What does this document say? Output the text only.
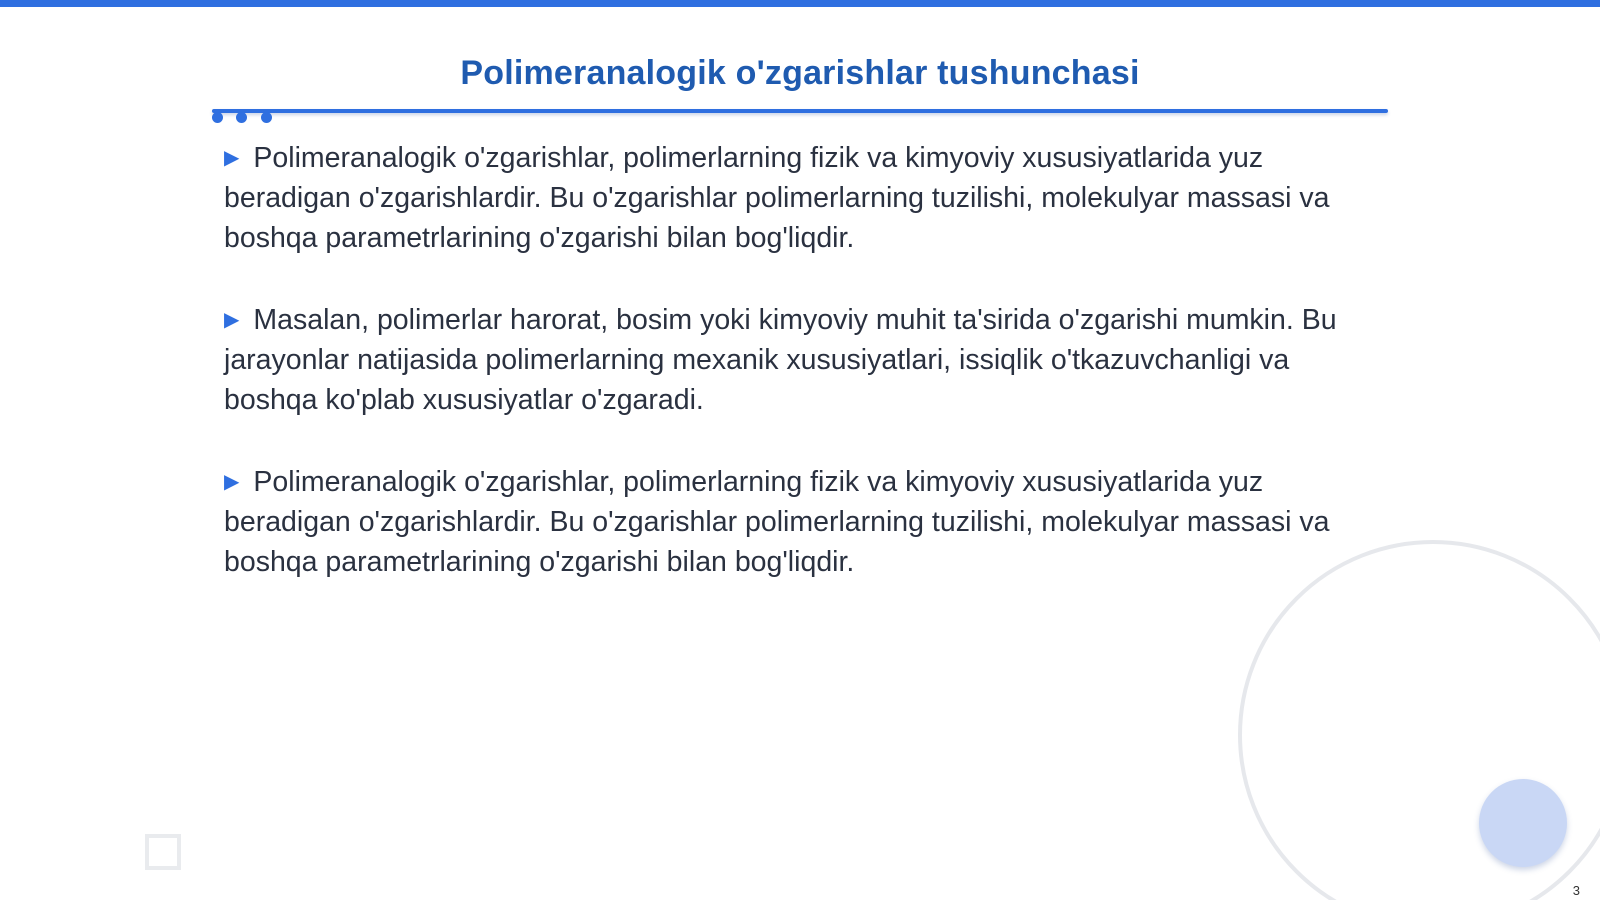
Polimeranalogik o'zgarishlar tushunchasi

▶ Polimeranalogik o'zgarishlar, polimerlarning fizik va kimyoviy xususiyatlarida yuz beradigan o'zgarishlardir. Bu o'zgarishlar polimerlarning tuzilishi, molekulyar massasi va boshqa parametrlarining o'zgarishi bilan bog'liqdir.

▶ Masalan, polimerlar harorat, bosim yoki kimyoviy muhit ta'sirida o'zgarishi mumkin. Bu jarayonlar natijasida polimerlarning mexanik xususiyatlari, issiqlik o'tkazuvchanligi va boshqa ko'plab xususiyatlar o'zgaradi.

▶ Polimeranalogik o'zgarishlar, polimerlarning fizik va kimyoviy xususiyatlarida yuz beradigan o'zgarishlardir. Bu o'zgarishlar polimerlarning tuzilishi, molekulyar massasi va boshqa parametrlarining o'zgarishi bilan bog'liqdir.

3
